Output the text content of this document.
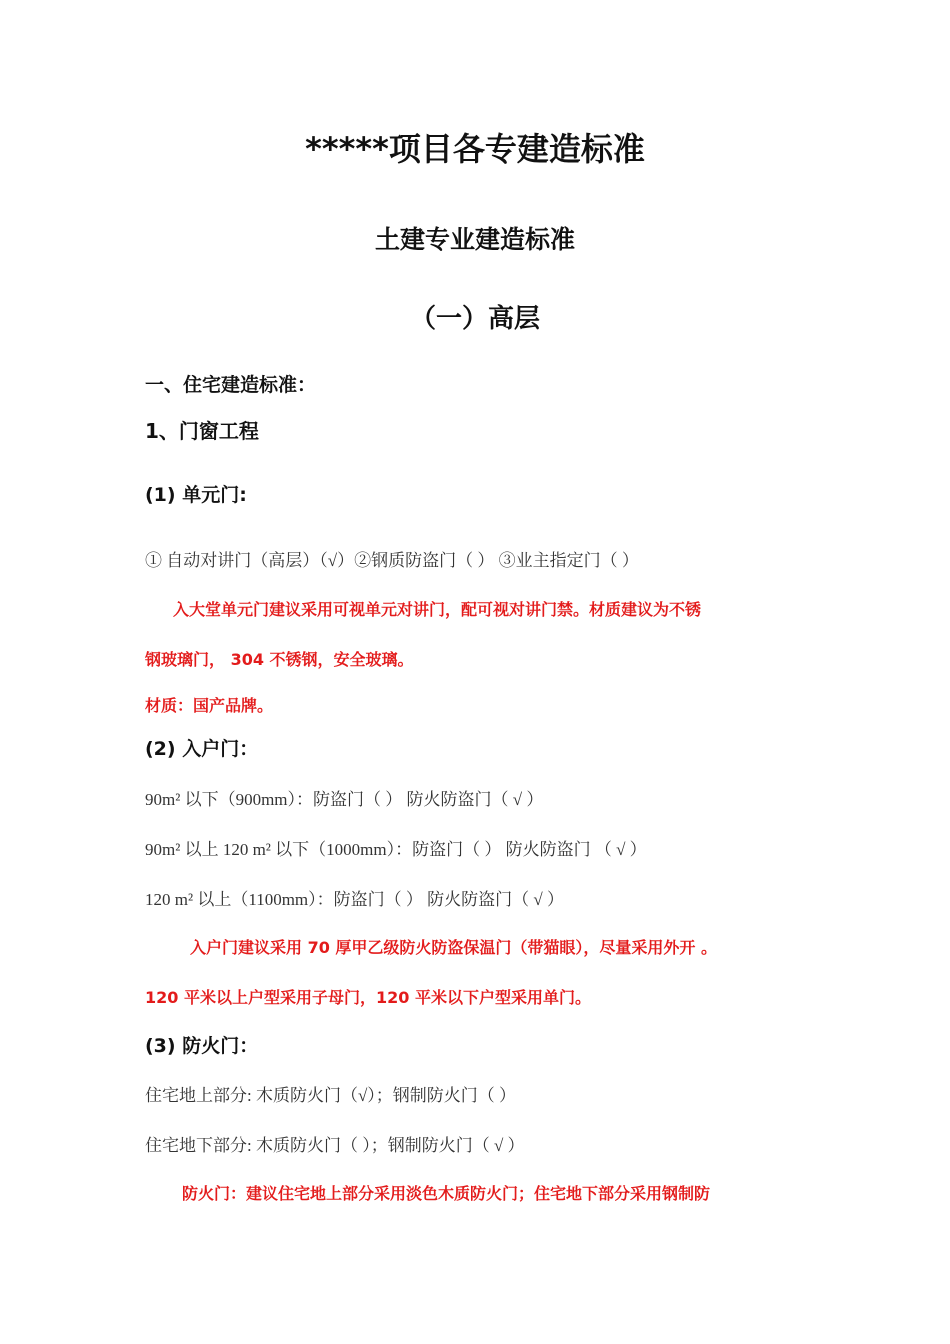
*****项目各专建造标准
土建专业建造标准
（一）高层
一、住宅建造标准：
1、门窗工程
(1) 单元门:
① 自动对讲门（高层）（√）②钢质防盗门（ ） ③业主指定门（ ）
入大堂单元门建议采用可视单元对讲门，配可视对讲门禁。材质建议为不锈
钢玻璃门， 304 不锈钢，安全玻璃。
材质：国产品牌。
(2) 入户门：
90m² 以下（900mm）：防盗门（ ） 防火防盗门（ √ ）
90m² 以上 120 m² 以下（1000mm）：防盗门（ ） 防火防盗门 （ √ ）
120 m² 以上（1100mm）：防盗门（ ） 防火防盗门（ √ ）
入户门建议采用 70 厚甲乙级防火防盗保温门（带猫眼），尽量采用外开 。
120 平米以上户型采用子母门，120 平米以下户型采用单门。
(3) 防火门：
住宅地上部分: 木质防火门（√）；钢制防火门（ ）
住宅地下部分: 木质防火门（ ）；钢制防火门（ √ ）
防火门：建议住宅地上部分采用淡色木质防火门；住宅地下部分采用钢制防
